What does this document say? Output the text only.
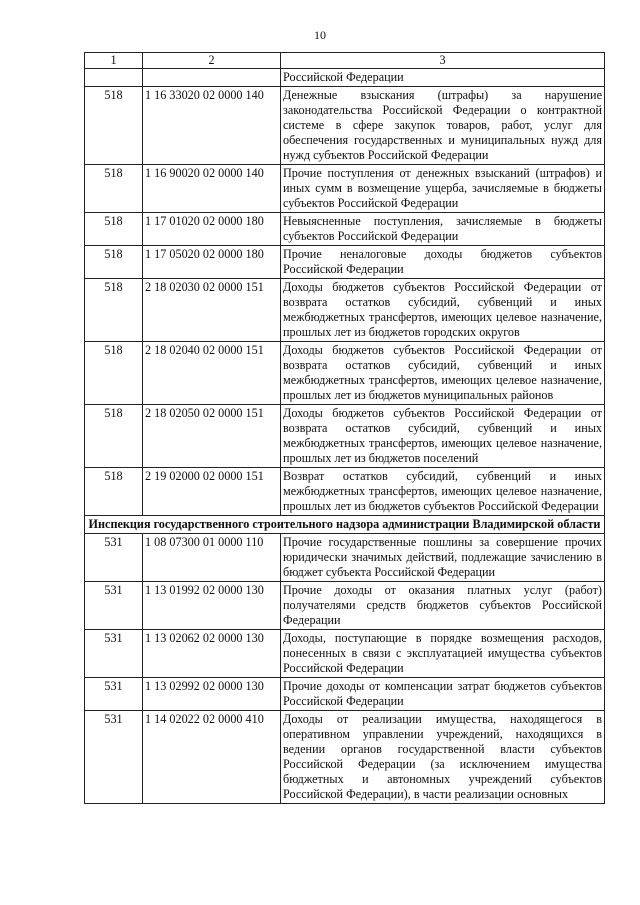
10
1	2	3
		Российской Федерации
518	1 16 33020 02 0000 140	Денежные взыскания (штрафы) за нарушение законодательства Российской Федерации о контрактной системе в сфере закупок товаров, работ, услуг для обеспечения государственных и муниципальных нужд для нужд субъектов Российской Федерации
518	1 16 90020 02 0000 140	Прочие поступления от денежных взысканий (штрафов) и иных сумм в возмещение ущерба, зачисляемые в бюджеты субъектов Российской Федерации
518	1 17 01020 02 0000 180	Невыясненные поступления, зачисляемые в бюджеты субъектов Российской Федерации
518	1 17 05020 02 0000 180	Прочие неналоговые доходы бюджетов субъектов Российской Федерации
518	2 18 02030 02 0000 151	Доходы бюджетов субъектов Российской Федерации от возврата остатков субсидий, субвенций и иных межбюджетных трансфертов, имеющих целевое назначение, прошлых лет из бюджетов городских округов
518	2 18 02040 02 0000 151	Доходы бюджетов субъектов Российской Федерации от возврата остатков субсидий, субвенций и иных межбюджетных трансфертов, имеющих целевое назначение, прошлых лет из бюджетов муниципальных районов
518	2 18 02050 02 0000 151	Доходы бюджетов субъектов Российской Федерации от возврата остатков субсидий, субвенций и иных межбюджетных трансфертов, имеющих целевое назначение, прошлых лет из бюджетов поселений
518	2 19 02000 02 0000 151	Возврат остатков субсидий, субвенций и иных межбюджетных трансфертов, имеющих целевое назначение, прошлых лет из бюджетов субъектов Российской Федерации
Инспекция государственного строительного надзора администрации Владимирской области		
531	1 08 07300 01 0000 110	Прочие государственные пошлины за совершение прочих юридически значимых действий, подлежащие зачислению в бюджет субъекта Российской Федерации
531	1 13 01992 02 0000 130	Прочие доходы от оказания платных услуг (работ) получателями средств бюджетов субъектов Российской Федерации
531	1 13 02062 02 0000 130	Доходы, поступающие в порядке возмещения расходов, понесенных в связи с эксплуатацией имущества субъектов Российской Федерации
531	1 13 02992 02 0000 130	Прочие доходы от компенсации затрат бюджетов субъектов Российской Федерации
531	1 14 02022 02 0000 410	Доходы от реализации имущества, находящегося в оперативном управлении учреждений, находящихся в ведении органов государственной власти субъектов Российской Федерации (за исключением имущества бюджетных и автономных учреждений субъектов Российской Федерации), в части реализации основных
